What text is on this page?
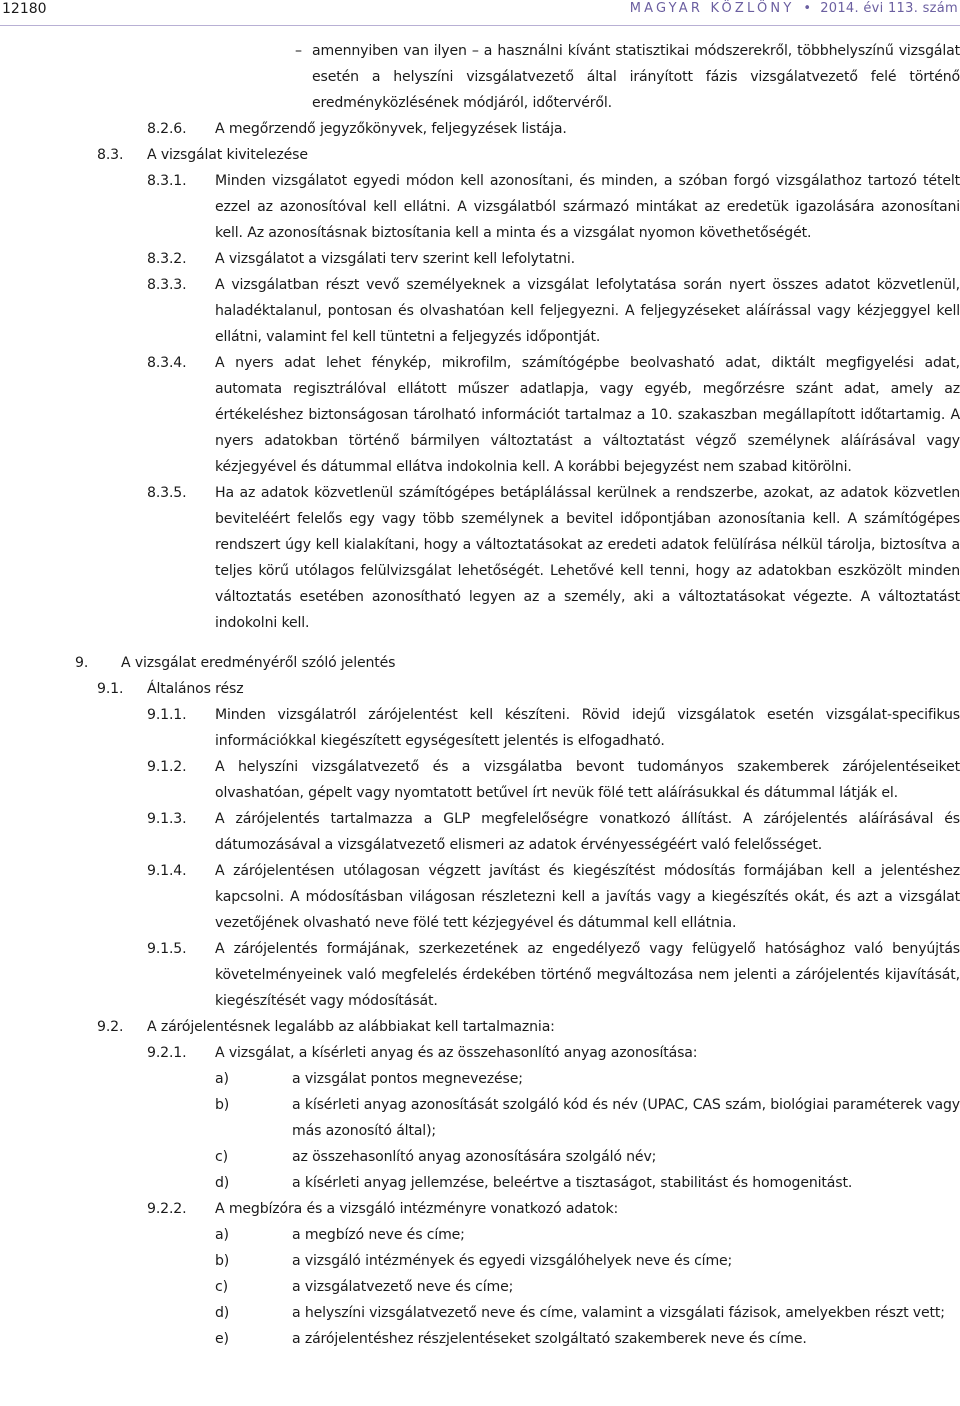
12180	MAGYAR KÖZLÖNY  •  2014. évi 113. szám
– amennyiben van ilyen – a használni kívánt statisztikai módszerekről, többhelyszínű vizsgálat esetén a helyszíni vizsgálatvezető által irányított fázis vizsgálatvezető felé történő eredményközlésének módjáról, időtervéről.
8.2.6.	A megőrzendő jegyzőkönyvek, feljegyzések listája.
8.3.	A vizsgálat kivitelezése
8.3.1.	Minden vizsgálatot egyedi módon kell azonosítani, és minden, a szóban forgó vizsgálathoz tartozó tételt ezzel az azonosítóval kell ellátni. A vizsgálatból származó mintákat az eredetük igazolására azonosítani kell. Az azonosításnak biztosítania kell a minta és a vizsgálat nyomon követhetőségét.
8.3.2.	A vizsgálatot a vizsgálati terv szerint kell lefolytatni.
8.3.3.	A vizsgálatban részt vevő személyeknek a vizsgálat lefolytatása során nyert összes adatot közvetlenül, haladéktalanul, pontosan és olvashatóan kell feljegyezni. A feljegyzéseket aláírással vagy kézjeggyel kell ellátni, valamint fel kell tüntetni a feljegyzés időpontját.
8.3.4.	A nyers adat lehet fénykép, mikrofilm, számítógépbe beolvasható adat, diktált megfigyelési adat, automata regisztrálóval ellátott műszer adatlapja, vagy egyéb, megőrzésre szánt adat, amely az értékeléshez biztonságosan tárolható információt tartalmaz a 10. szakaszban megállapított időtartamig. A nyers adatokban történő bármilyen változtatást a változtatást végző személynek aláírásával vagy kézjegyével és dátummal ellátva indokolnia kell. A korábbi bejegyzést nem szabad kitörölni.
8.3.5.	Ha az adatok közvetlenül számítógépes betáplálással kerülnek a rendszerbe, azokat, az adatok közvetlen beviteléért felelős egy vagy több személynek a bevitel időpontjában azonosítania kell. A számítógépes rendszert úgy kell kialakítani, hogy a változtatásokat az eredeti adatok felülírása nélkül tárolja, biztosítva a teljes körű utólagos felülvizsgálat lehetőségét. Lehetővé kell tenni, hogy az adatokban eszközölt minden változtatás esetében azonosítható legyen az a személy, aki a változtatásokat végezte. A változtatást indokolni kell.
9.	A vizsgálat eredményéről szóló jelentés
9.1.	Általános rész
9.1.1.	Minden vizsgálatról zárójelentést kell készíteni. Rövid idejű vizsgálatok esetén vizsgálat-specifikus információkkal kiegészített egységesített jelentés is elfogadható.
9.1.2.	A helyszíni vizsgálatvezető és a vizsgálatba bevont tudományos szakemberek zárójelentéseiket olvashatóan, gépelt vagy nyomtatott betűvel írt nevük fölé tett aláírásukkal és dátummal látják el.
9.1.3.	A zárójelentés tartalmazza a GLP megfelelőségre vonatkozó állítást. A zárójelentés aláírásával és dátumozásával a vizsgálatvezető elismeri az adatok érvényességéért való felelősséget.
9.1.4.	A zárójelentésen utólagosan végzett javítást és kiegészítést módosítás formájában kell a jelentéshez kapcsolni. A módosításban világosan részletezni kell a javítás vagy a kiegészítés okát, és azt a vizsgálat vezetőjének olvasható neve fölé tett kézjegyével és dátummal kell ellátnia.
9.1.5.	A zárójelentés formájának, szerkezetének az engedélyező vagy felügyelő hatósághoz való benyújtás követelményeinek való megfelelés érdekében történő megváltozása nem jelenti a zárójelentés kijavítását, kiegészítését vagy módosítását.
9.2.	A zárójelentésnek legalább az alábbiakat kell tartalmaznia:
9.2.1.	A vizsgálat, a kísérleti anyag és az összehasonlító anyag azonosítása:
a)	a vizsgálat pontos megnevezése;
b)	a kísérleti anyag azonosítását szolgáló kód és név (UPAC, CAS szám, biológiai paraméterek vagy más azonosító által);
c)	az összehasonlító anyag azonosítására szolgáló név;
d)	a kísérleti anyag jellemzése, beleértve a tisztaságot, stabilitást és homogenitást.
9.2.2.	A megbízóra és a vizsgáló intézményre vonatkozó adatok:
a)	a megbízó neve és címe;
b)	a vizsgáló intézmények és egyedi vizsgálóhelyek neve és címe;
c)	a vizsgálatvezető neve és címe;
d)	a helyszíni vizsgálatvezető neve és címe, valamint a vizsgálati fázisok, amelyekben részt vett;
e)	a zárójelentéshez részjelentéseket szolgáltató szakemberek neve és címe.
